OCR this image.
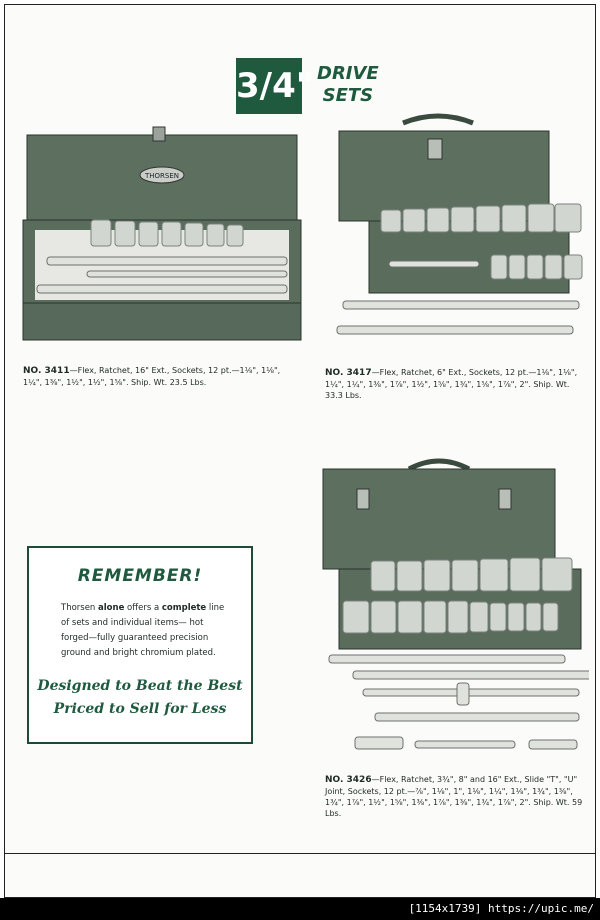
3/4" DRIVE
SETS
THORSEN
NO. 3411—Flex, Ratchet, 16" Ext., Sockets, 12 pt.—1⅛", 1⅛", 1¼", 1⅜", 1½", 1½", 1⅝". Ship. Wt. 23.5 Lbs.
NO. 3417—Flex, Ratchet, 6" Ext., Sockets, 12 pt.—1⅛", 1⅛", 1¼", 1¼", 1⅜", 1⅞", 1½", 1⅝", 1¾", 1⅝", 1⅞", 2". Ship. Wt. 33.3 Lbs.
NO. 3426—Flex, Ratchet, 3¾", 8" and 16" Ext., Slide "T", "U" Joint, Sockets, 12 pt.—⅞", 1⅛", 1", 1⅛", 1¼", 1⅛", 1¾", 1⅜", 1¾", 1⅞", 1½", 1⅝", 1⅜", 1⅞", 1⅜", 1¾", 1⅞", 2". Ship. Wt. 59 Lbs.
REMEMBER!
Thorsen alone offers a complete line of sets and individual items— hot forged—fully guaranteed precision ground and bright chromium plated.
Designed to Beat the Best
Priced to Sell for Less
[1154x1739] https://upic.me/
